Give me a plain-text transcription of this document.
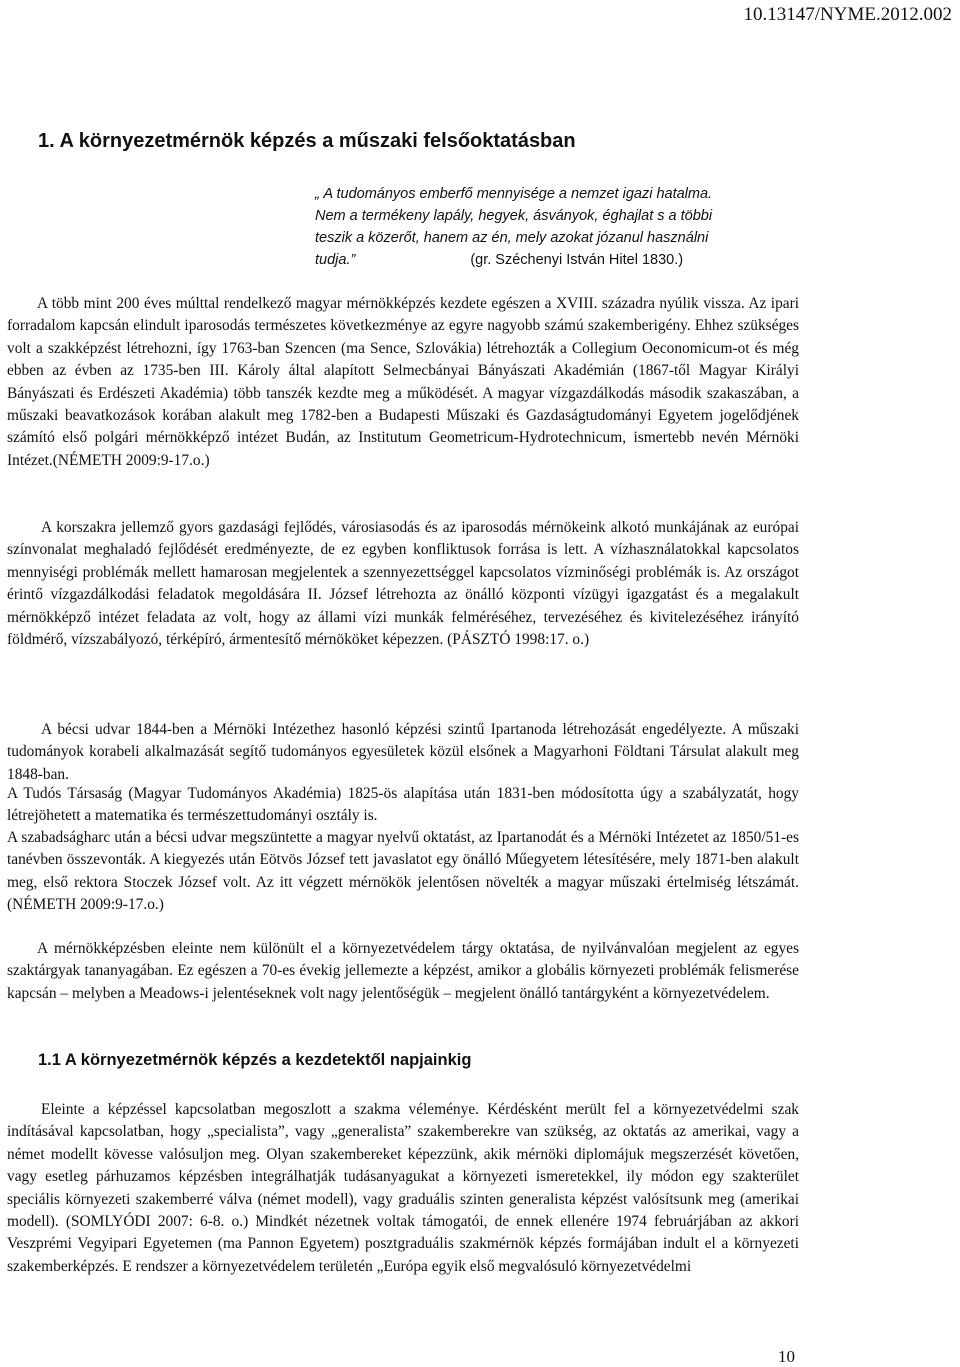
10.13147/NYME.2012.002
1. A környezetmérnök képzés a műszaki felsőoktatásban
„ A tudományos emberfő mennyisége a nemzet igazi hatalma.
Nem a termékeny lapály, hegyek, ásványok, éghajlat s a többi
teszik a közerőt, hanem az én, mely azokat józanul használni
tudja.”	(gr. Széchenyi István Hitel 1830.)

A több mint 200 éves múlttal rendelkező magyar mérnökképzés kezdete egészen a XVIII. századra nyúlik vissza. Az ipari forradalom kapcsán elindult iparosodás természetes következménye az egyre nagyobb számú szakemberigény. Ehhez szükséges volt a szakképzést létrehozni, így 1763-ban Szencen (ma Sence, Szlovákia) létrehozták a Collegium Oeconomicum-ot és még ebben az évben az 1735-ben III. Károly által alapított Selmecbányai Bányászati Akadémián (1867-től Magyar Királyi Bányászati és Erdészeti Akadémia) több tanszék kezdte meg a működését. A magyar vízgazdálkodás második szakaszában, a műszaki beavatkozások korában alakult meg 1782-ben a Budapesti Műszaki és Gazdaságtudományi Egyetem jogelődjének számító első polgári mérnökképző intézet Budán, az Institutum Geometricum-Hydrotechnicum, ismertebb nevén Mérnöki Intézet.(NÉMETH 2009:9-17.o.)

A korszakra jellemző gyors gazdasági fejlődés, városiasodás és az iparosodás mérnökeink alkotó munkájának az európai színvonalat meghaladó fejlődését eredményezte, de ez egyben konfliktusok forrása is lett. A vízhasználatokkal kapcsolatos mennyiségi problémák mellett hamarosan megjelentek a szennyezettséggel kapcsolatos vízminőségi problémák is. Az országot érintő vízgazdálkodási feladatok megoldására II. József létrehozta az önálló központi vízügyi igazgatást és a megalakult mérnökképző intézet feladata az volt, hogy az állami vízi munkák felméréséhez, tervezéséhez és kivitelezéséhez irányító földmérő, vízszabályozó, térképíró, ármentesítő mérnököket képezzen. (PÁSZTÓ 1998:17. o.)

A bécsi udvar 1844-ben a Mérnöki Intézethez hasonló képzési szintű Ipartanoda létrehozását engedélyezte. A műszaki tudományok korabeli alkalmazását segítő tudományos egyesületek közül elsőnek a Magyarhoni Földtani Társulat alakult meg 1848-ban.

A Tudós Társaság (Magyar Tudományos Akadémia) 1825-ös alapítása után 1831-ben módosította úgy a szabályzatát, hogy létrejöhetett a matematika és természettudományi osztály is.

A szabadságharc után a bécsi udvar megszüntette a magyar nyelvű oktatást, az Ipartanodát és a Mérnöki Intézetet az 1850/51-es tanévben összevonták. A kiegyezés után Eötvös József tett javaslatot egy önálló Műegyetem létesítésére, mely 1871-ben alakult meg, első rektora Stoczek József volt. Az itt végzett mérnökök jelentősen növelték a magyar műszaki értelmiség létszámát. (NÉMETH 2009:9-17.o.)

A mérnökképzésben eleinte nem különült el a környezetvédelem tárgy oktatása, de nyilvánvalóan megjelent az egyes szaktárgyak tananyagában. Ez egészen a 70-es évekig jellemezte a képzést, amikor a globális környezeti problémák felismerése kapcsán – melyben a Meadows-i jelentéseknek volt nagy jelentőségük – megjelent önálló tantárgyként a környezetvédelem.

1.1 A környezetmérnök képzés a kezdetektől napjainkig

Eleinte a képzéssel kapcsolatban megoszlott a szakma véleménye. Kérdésként merült fel a környezetvédelmi szak indításával kapcsolatban, hogy „specialista”, vagy „generalista” szakemberekre van szükség, az oktatás az amerikai, vagy a német modellt kövesse valósuljon meg. Olyan szakembereket képezzünk, akik mérnöki diplomájuk megszerzését követően, vagy esetleg párhuzamos képzésben integrálhatják tudásanyagukat a környezeti ismeretekkel, ily módon egy szakterület speciális környezeti szakemberré válva (német modell), vagy graduális szinten generalista képzést valósítsunk meg (amerikai modell). (SOMLYÓDI 2007: 6-8. o.) Mindkét nézetnek voltak támogatói, de ennek ellenére 1974 februárjában az akkori Veszprémi Vegyipari Egyetemen (ma Pannon Egyetem) posztgraduális szakmérnök képzés formájában indult el a környezeti szakemberképzés. E rendszer a környezetvédelem területén „Európa egyik első megvalósuló környezetvédelmi

10
